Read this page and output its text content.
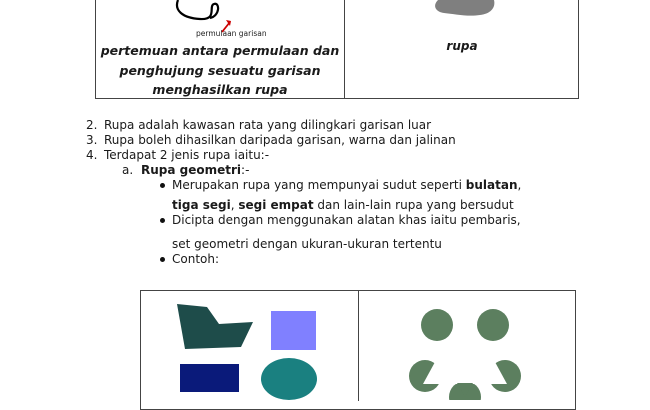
permulaan garisan
pertemuan antara permulaan dan
penghujung sesuatu garisan
menghasilkan rupa
rupa
2. Rupa adalah kawasan rata yang dilingkari garisan luar
3. Rupa boleh dihasilkan daripada garisan, warna dan jalinan
4. Terdapat 2 jenis rupa iaitu:-
a. Rupa geometri:-
Merupakan rupa yang mempunyai sudut seperti bulatan,
tiga segi, segi empat dan lain-lain rupa yang bersudut
Dicipta dengan menggunakan alatan khas iaitu pembaris,
set geometri dengan ukuran-ukuran tertentu
Contoh:
